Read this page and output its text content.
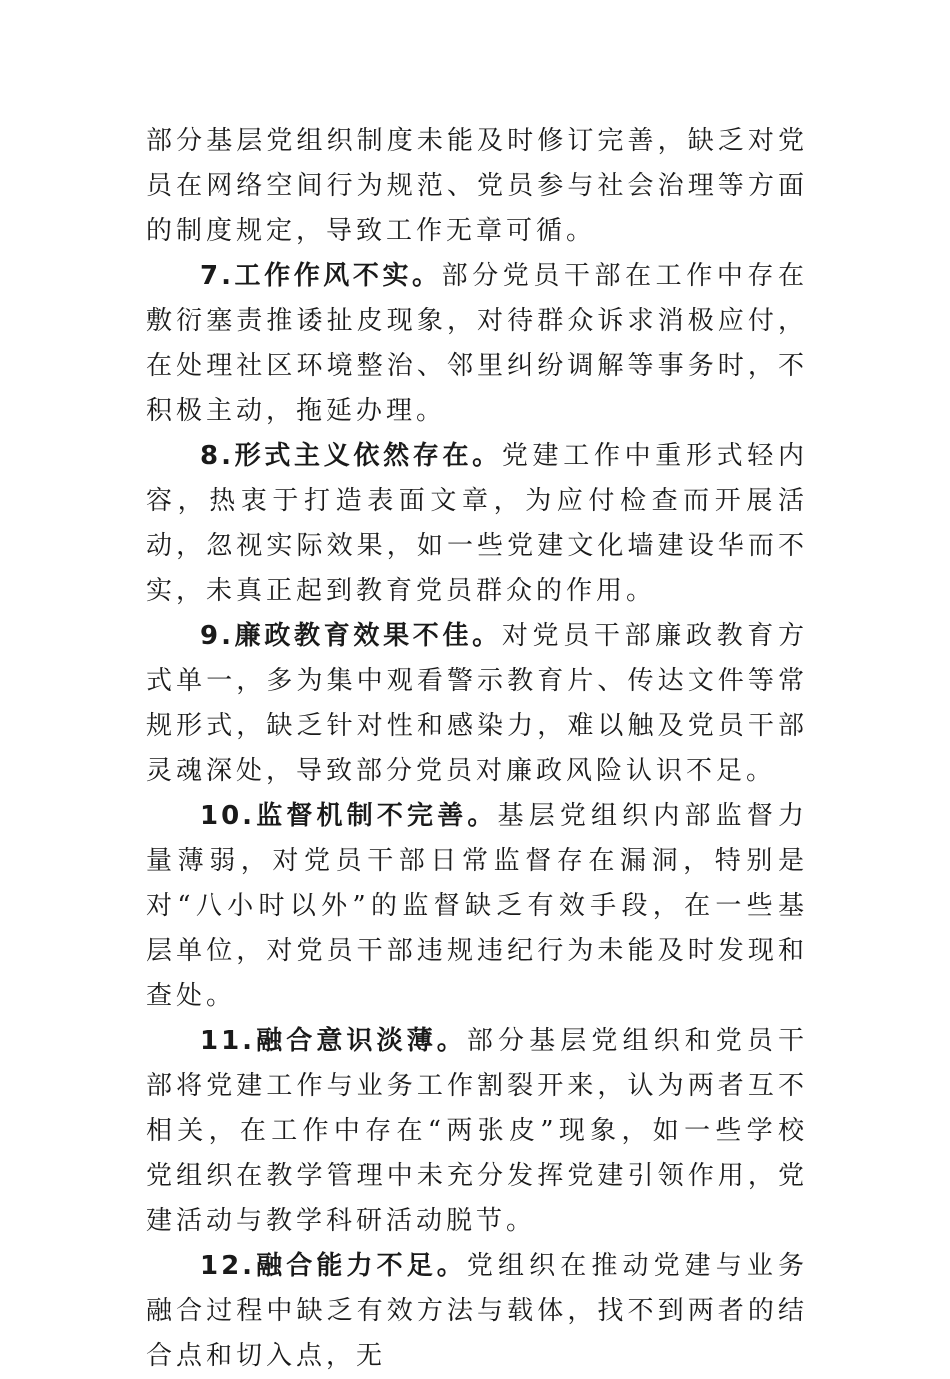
部分基层党组织制度未能及时修订完善，缺乏对党员在网络空间行为规范、党员参与社会治理等方面的制度规定，导致工作无章可循。

7.工作作风不实。部分党员干部在工作中存在敷衍塞责推诿扯皮现象，对待群众诉求消极应付，在处理社区环境整治、邻里纠纷调解等事务时，不积极主动，拖延办理。

8.形式主义依然存在。党建工作中重形式轻内容，热衷于打造表面文章，为应付检查而开展活动，忽视实际效果，如一些党建文化墙建设华而不实，未真正起到教育党员群众的作用。

9.廉政教育效果不佳。对党员干部廉政教育方式单一，多为集中观看警示教育片、传达文件等常规形式，缺乏针对性和感染力，难以触及党员干部灵魂深处，导致部分党员对廉政风险认识不足。

10.监督机制不完善。基层党组织内部监督力量薄弱，对党员干部日常监督存在漏洞，特别是对“八小时以外”的监督缺乏有效手段，在一些基层单位，对党员干部违规违纪行为未能及时发现和查处。

11.融合意识淡薄。部分基层党组织和党员干部将党建工作与业务工作割裂开来，认为两者互不相关，在工作中存在“两张皮”现象，如一些学校党组织在教学管理中未充分发挥党建引领作用，党建活动与教学科研活动脱节。

12.融合能力不足。党组织在推动党建与业务融合过程中缺乏有效方法与载体，找不到两者的结合点和切入点，无
